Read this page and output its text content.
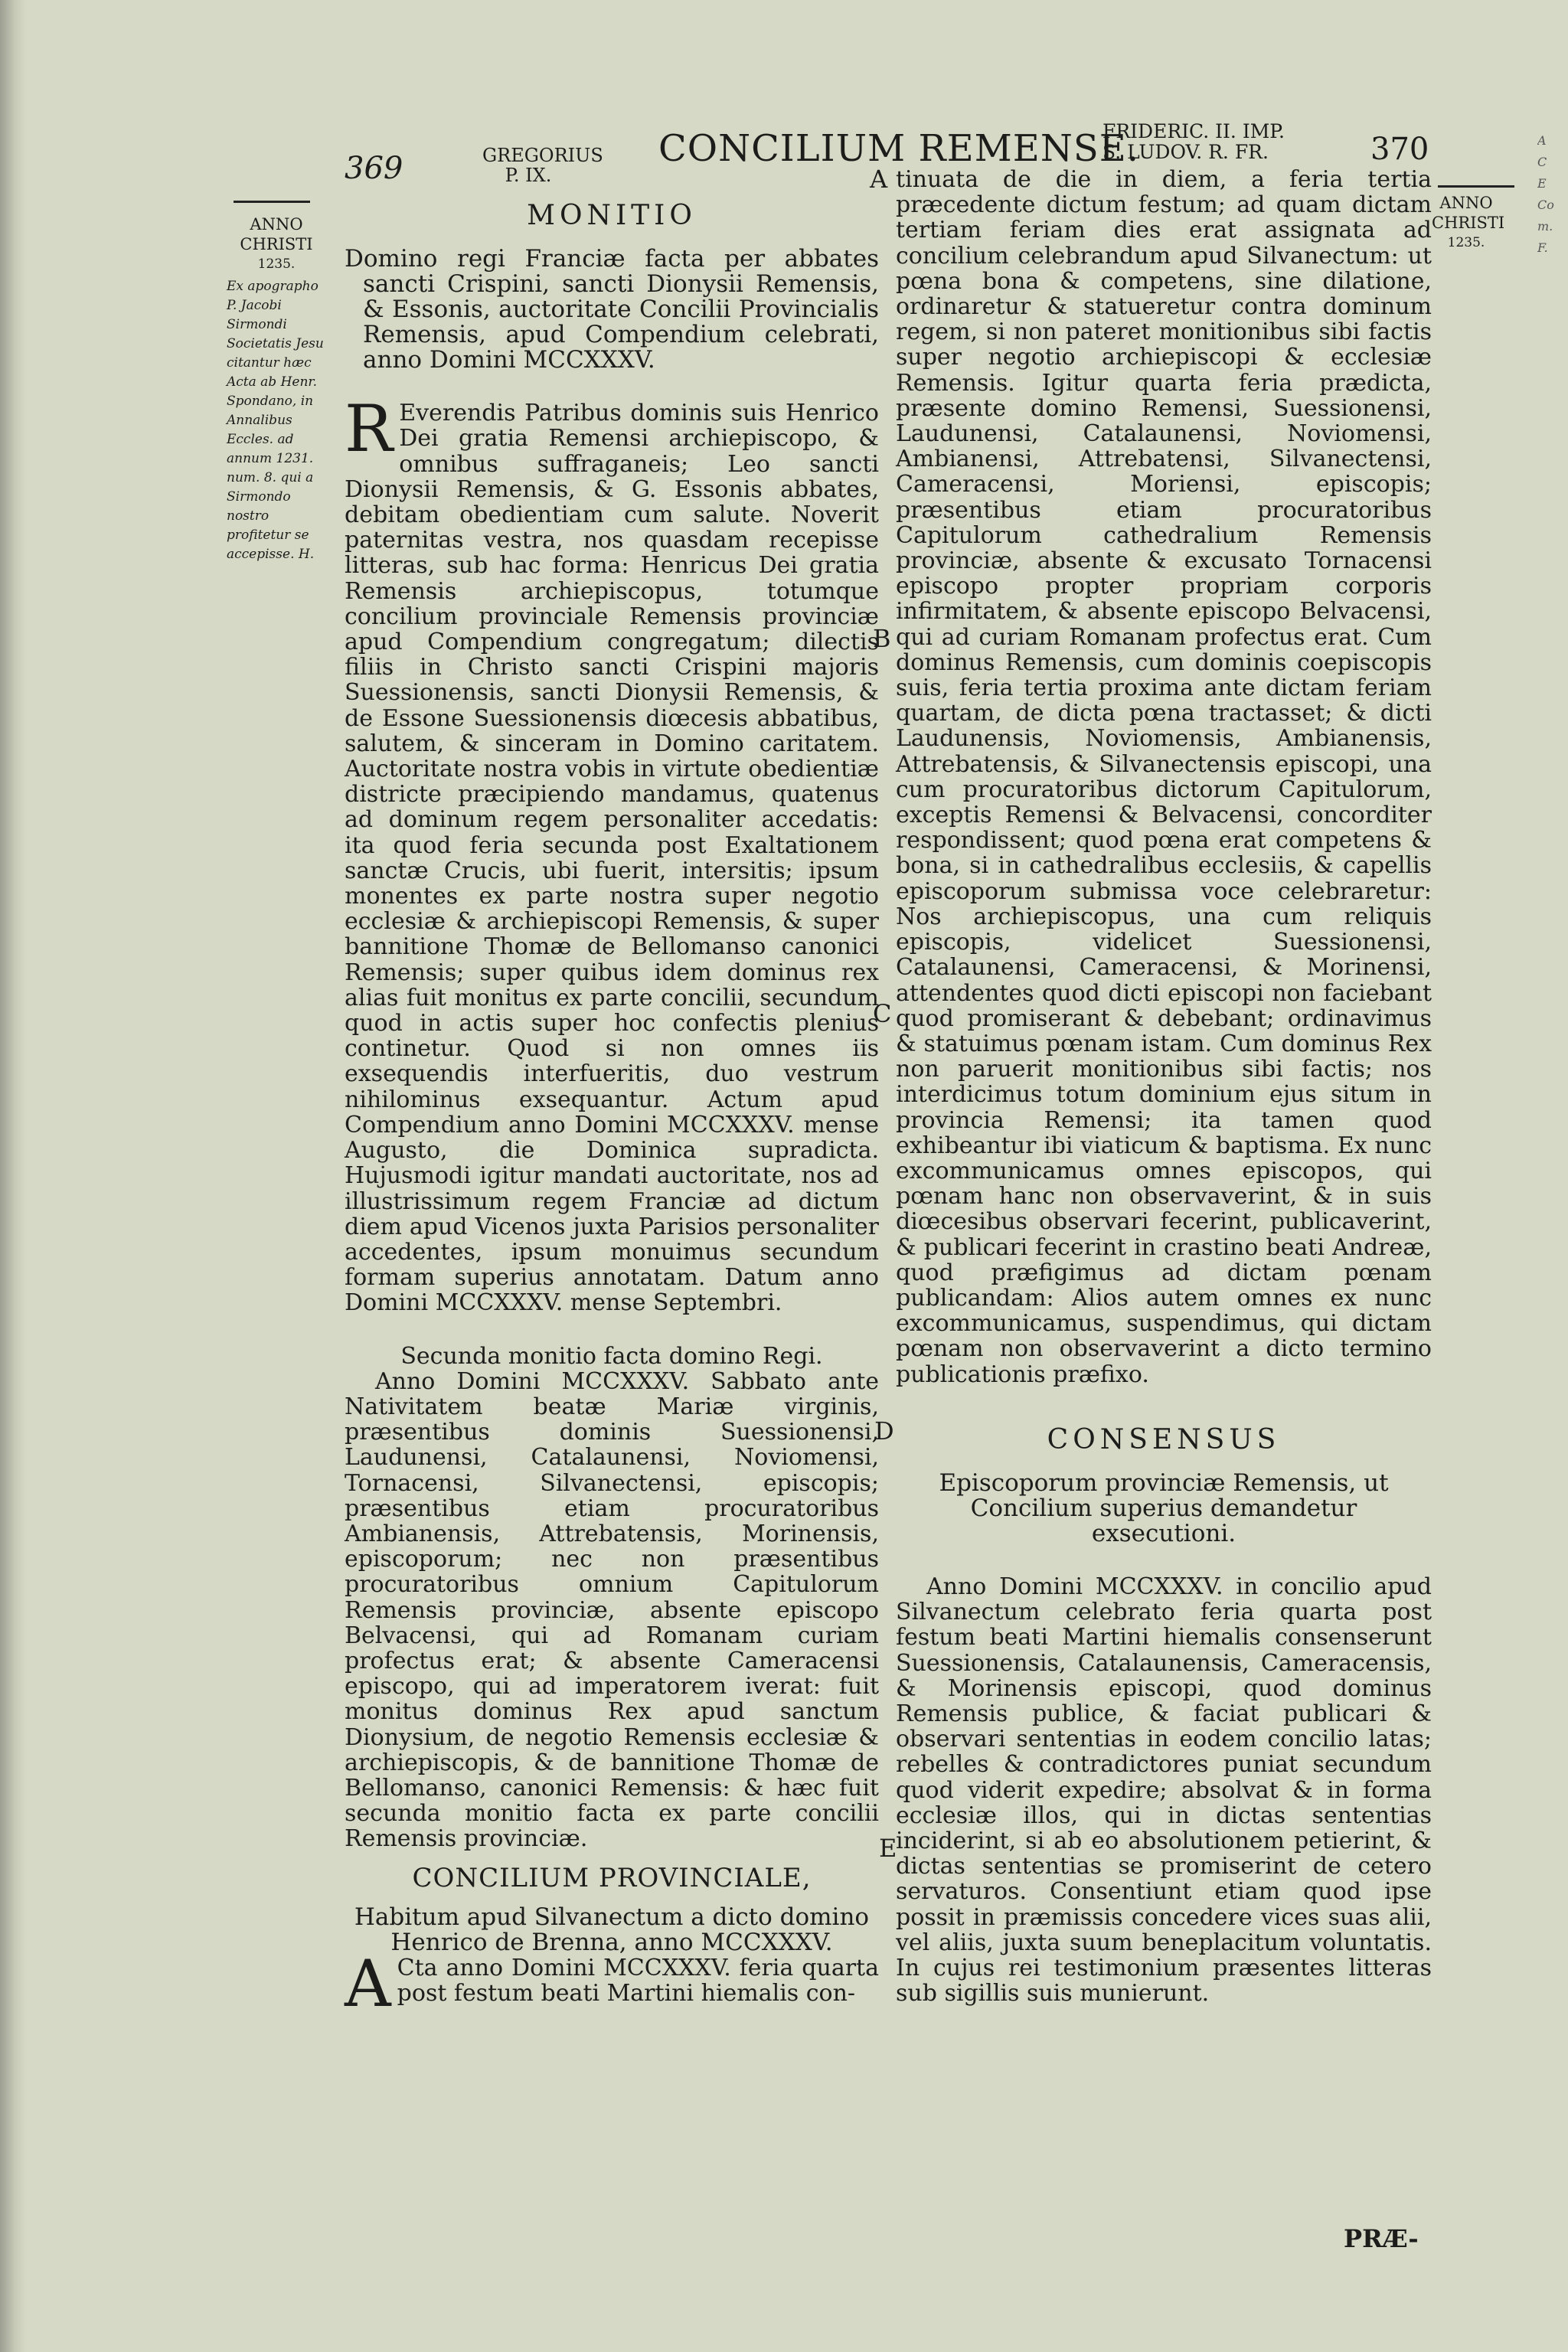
369	GREGORIUS
P. IX.
CONCILIUM REMENSE.
FRIDERIC. II. IMP.
S. LUDOV. R. FR.	370
ANNO
CHRISTI
1235.
Ex apographo P. Jacobi Sirmondi Societatis Jesu citantur hæc Acta ab Henr. Spondano, in Annalibus Eccles. ad annum 1231. num. 8. qui a Sirmondo nostro profitetur se accepisse. H.
ANNO
CHRISTI
1235.
A
C
E
Co
m.
F.
MONITIO

Domino regi Franciæ facta per abbates sancti Crispini, sancti Dionysii Remensis, & Essonis, auctoritate Concilii Provincialis Remensis, apud Compendium celebrati, anno Domini MCCXXXV.

R Everendis Patribus dominis suis Henrico Dei gratia Remensi archiepiscopo, & omnibus suffraganeis; Leo sancti Dionysii Remensis, & G. Essonis abbates, debitam obedientiam cum salute. Noverit paternitas vestra, nos quasdam recepisse litteras, sub hac forma: Henricus Dei gratia Remensis archiepiscopus, totumque concilium provinciale Remensis provinciæ apud Compendium congregatum; dilectis filiis in Christo sancti Crispini majoris Suessionensis, sancti Dionysii Remensis, & de Essone Suessionensis diœcesis abbatibus, salutem, & sinceram in Domino caritatem. Auctoritate nostra vobis in virtute obedientiæ districte præcipiendo mandamus, quatenus ad dominum regem personaliter accedatis: ita quod feria secunda post Exaltationem sanctæ Crucis, ubi fuerit, intersitis; ipsum monentes ex parte nostra super negotio ecclesiæ & archiepiscopi Remensis, & super bannitione Thomæ de Bellomanso canonici Remensis; super quibus idem dominus rex alias fuit monitus ex parte concilii, secundum quod in actis super hoc confectis plenius continetur. Quod si non omnes iis exsequendis interfueritis, duo vestrum nihilominus exsequantur. Actum apud Compendium anno Domini MCCXXXV. mense Augusto, die Dominica supradicta. Hujusmodi igitur mandati auctoritate, nos ad illustrissimum regem Franciæ ad dictum diem apud Vicenos juxta Parisios personaliter accedentes, ipsum monuimus secundum formam superius annotatam. Datum anno Domini MCCXXXV. mense Septembri.

Secunda monitio facta domino Regi.

Anno Domini MCCXXXV. Sabbato ante Nativitatem beatæ Mariæ virginis, præsentibus dominis Suessionensi, Laudunensi, Catalaunensi, Noviomensi, Tornacensi, Silvanectensi, episcopis; præsentibus etiam procuratoribus Ambianensis, Attrebatensis, Morinensis, episcoporum; nec non præsentibus procuratoribus omnium Capitulorum Remensis provinciæ, absente episcopo Belvacensi, qui ad Romanam curiam profectus erat; & absente Cameracensi episcopo, qui ad imperatorem iverat: fuit monitus dominus Rex apud sanctum Dionysium, de negotio Remensis ecclesiæ & archiepiscopis, & de bannitione Thomæ de Bellomanso, canonici Remensis: & hæc fuit secunda monitio facta ex parte concilii Remensis provinciæ.

CONCILIUM PROVINCIALE,

Habitum apud Silvanectum a dicto domino Henrico de Brenna, anno MCCXXXV.

A Cta anno Domini MCCXXXV. feria quarta post festum beati Martini hiemalis con-

tinuata de die in diem, a feria tertia præcedente dictum festum; ad quam dictam tertiam feriam dies erat assignata ad concilium celebrandum apud Silvanectum: ut pœna bona & competens, sine dilatione, ordinaretur & statueretur contra dominum regem, si non pateret monitionibus sibi factis super negotio archiepiscopi & ecclesiæ Remensis. Igitur quarta feria prædicta, præsente domino Remensi, Suessionensi, Laudunensi, Catalaunensi, Noviomensi, Ambianensi, Attrebatensi, Silvanectensi, Cameracensi, Moriensi, episcopis; præsentibus etiam procuratoribus Capitulorum cathedralium Remensis provinciæ, absente & excusato Tornacensi episcopo propter propriam corporis infirmitatem, & absente episcopo Belvacensi, qui ad curiam Romanam profectus erat. Cum dominus Remensis, cum dominis coepiscopis suis, feria tertia proxima ante dictam feriam quartam, de dicta pœna tractasset; & dicti Laudunensis, Noviomensis, Ambianensis, Attrebatensis, & Silvanectensis episcopi, una cum procuratoribus dictorum Capitulorum, exceptis Remensi & Belvacensi, concorditer respondissent; quod pœna erat competens & bona, si in cathedralibus ecclesiis, & capellis episcoporum submissa voce celebraretur: Nos archiepiscopus, una cum reliquis episcopis, videlicet Suessionensi, Catalaunensi, Cameracensi, & Morinensi, attendentes quod dicti episcopi non faciebant quod promiserant & debebant; ordinavimus & statuimus pœnam istam. Cum dominus Rex non paruerit monitionibus sibi factis; nos interdicimus totum dominium ejus situm in provincia Remensi; ita tamen quod exhibeantur ibi viaticum & baptisma. Ex nunc excommunicamus omnes episcopos, qui pœnam hanc non observaverint, & in suis diœcesibus observari fecerint, publicaverint, & publicari fecerint in crastino beati Andreæ, quod præfigimus ad dictam pœnam publicandam: Alios autem omnes ex nunc excommunicamus, suspendimus, qui dictam pœnam non observaverint a dicto termino publicationis præfixo.

CONSENSUS

Episcoporum provinciæ Remensis, ut Concilium superius demandetur exsecutioni.

Anno Domini MCCXXXV. in concilio apud Silvanectum celebrato feria quarta post festum beati Martini hiemalis consenserunt Suessionensis, Catalaunensis, Cameracensis, & Morinensis episcopi, quod dominus Remensis publice, & faciat publicari & observari sententias in eodem concilio latas; rebelles & contradictores puniat secundum quod viderit expedire; absolvat & in forma ecclesiæ illos, qui in dictas sententias inciderint, si ab eo absolutionem petierint, & dictas sententias se promiserint de cetero servaturos. Consentiunt etiam quod ipse possit in præmissis concedere vices suas alii, vel aliis, juxta suum beneplacitum voluntatis. In cujus rei testimonium præsentes litteras sub sigillis suis munierunt.

A
B
C
D
E
PRÆ-
